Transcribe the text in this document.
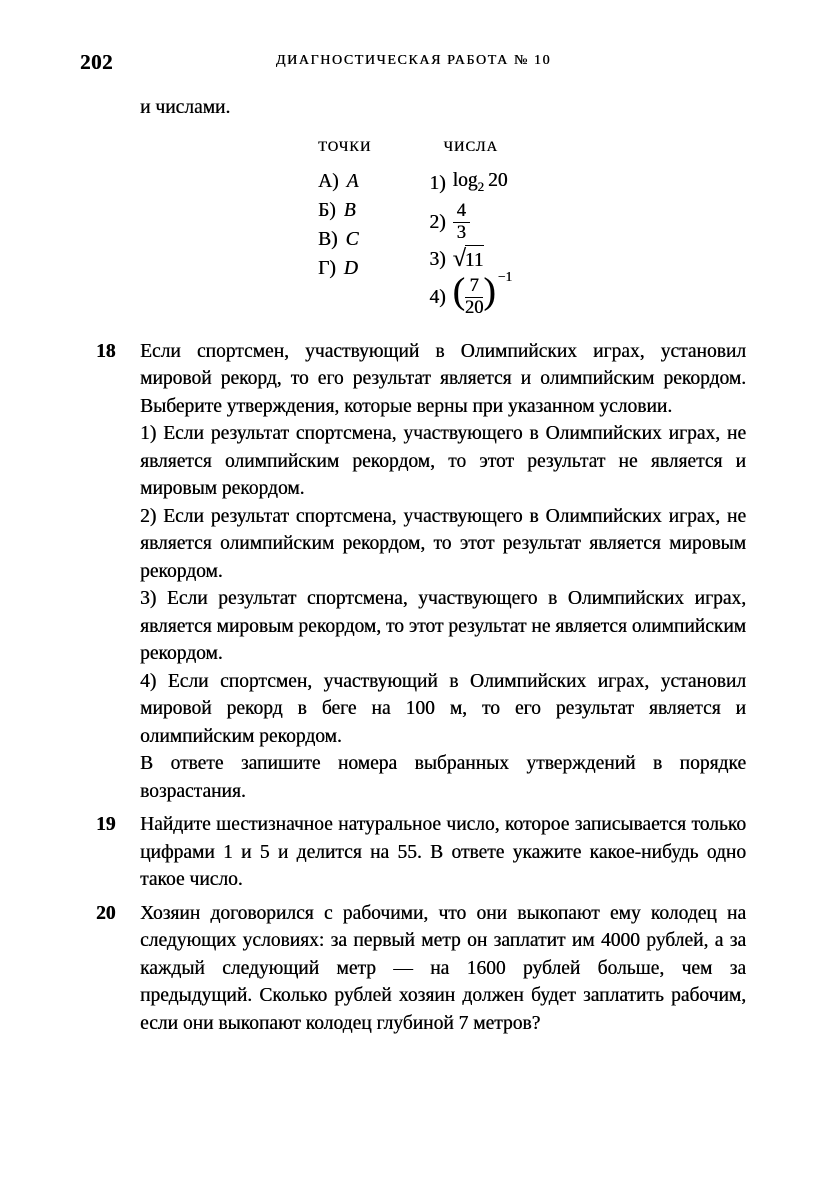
202	ДИАГНОСТИЧЕСКАЯ РАБОТА № 10

и числами.

ТОЧКИ
А) A
Б) B
В) C
Г) D
ЧИСЛА
1) $\log_2 20$
$2) \frac{4}{3}$
3) √11
4) ( $\frac{7}{20}$ ) $^{-1}$
18 Если спортсмен, участвующий в Олимпийских играх, установил мировой рекорд, то его результат является и олимпийским рекордом. Выберите утверждения, которые верны при указанном условии.

1) Если результат спортсмена, участвующего в Олимпийских играх, не является олимпийским рекордом, то этот результат не является и мировым рекордом.

2) Если результат спортсмена, участвующего в Олимпийских играх, не является олимпийским рекордом, то этот результат является мировым рекордом.

3) Если результат спортсмена, участвующего в Олимпийских играх, является мировым рекордом, то этот результат не является олимпийским рекордом.

4) Если спортсмен, участвующий в Олимпийских играх, установил мировой рекорд в беге на 100 м, то его результат является и олимпийским рекордом.

В ответе запишите номера выбранных утверждений в порядке возрастания.

19 Найдите шестизначное натуральное число, которое записывается только цифрами 1 и 5 и делится на 55. В ответе укажите какое-нибудь одно такое число.

20 Хозяин договорился с рабочими, что они выкопают ему колодец на следующих условиях: за первый метр он заплатит им 4000 рублей, а за каждый следующий метр — на 1600 рублей больше, чем за предыдущий. Сколько рублей хозяин должен будет заплатить рабочим, если они выкопают колодец глубиной 7 метров?
